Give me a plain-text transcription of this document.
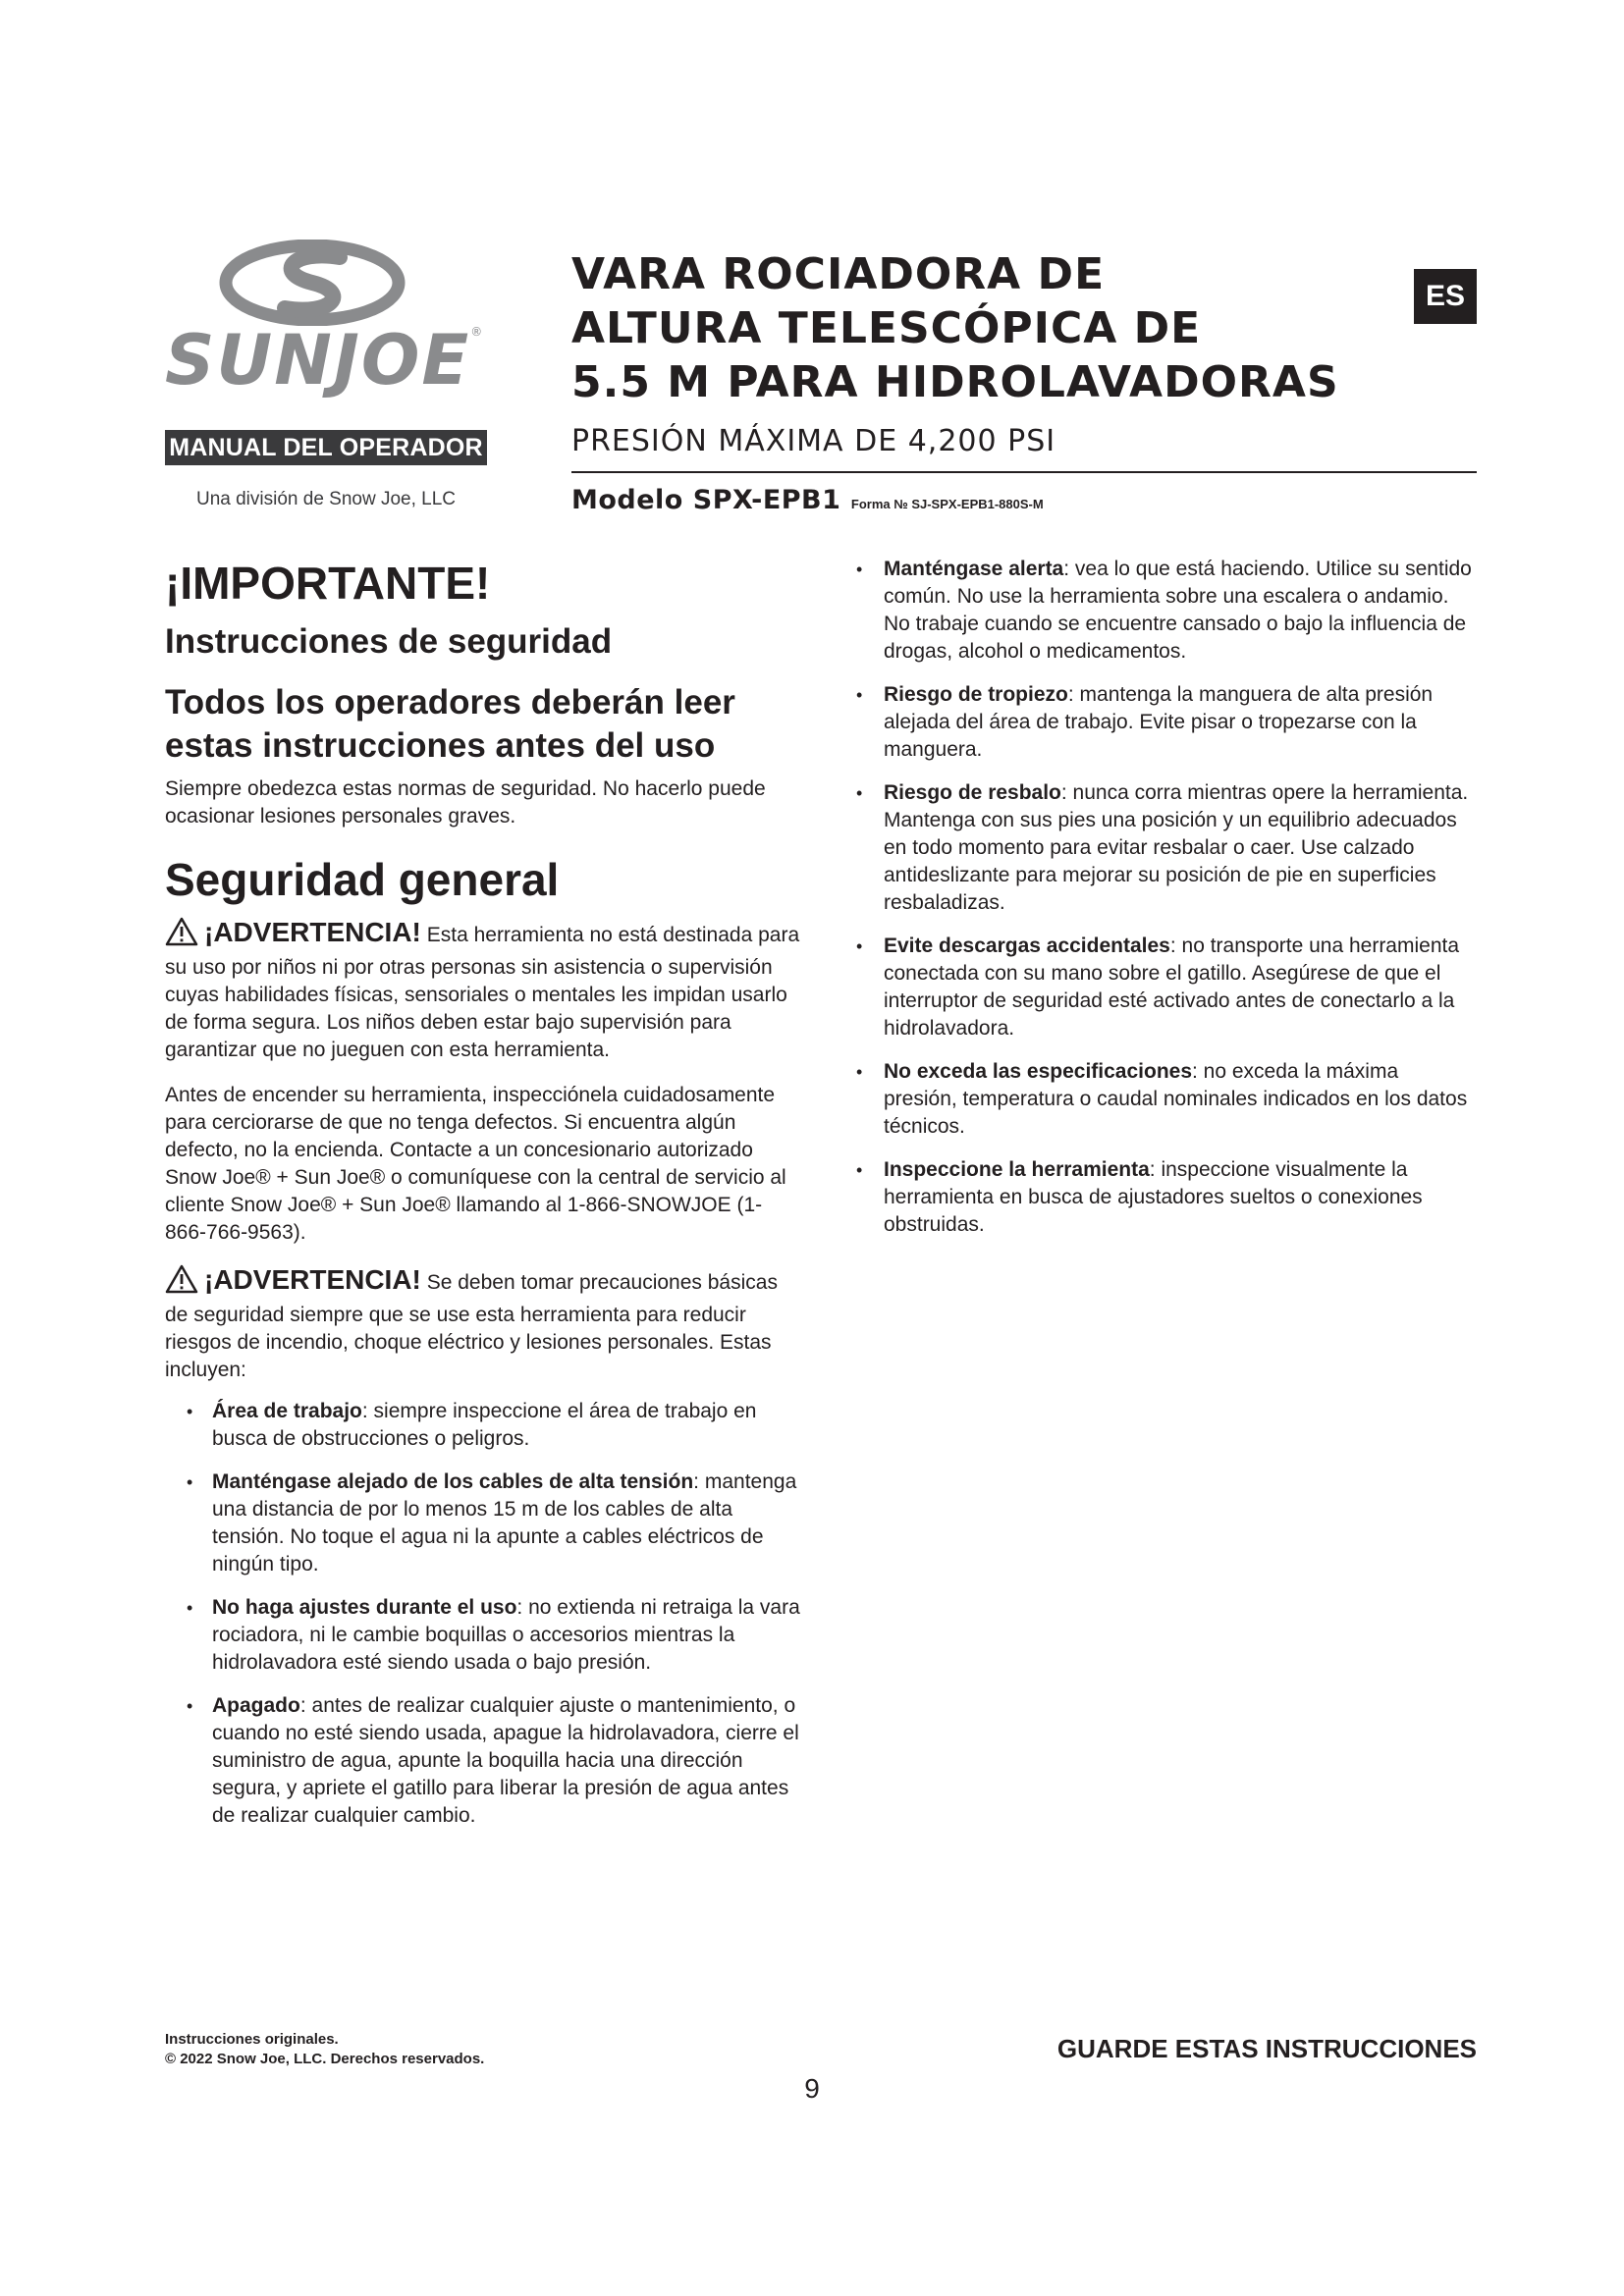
SUNJOE®
MANUAL DEL OPERADOR
Una división de Snow Joe, LLC
VARA ROCIADORA DE
ALTURA TELESCÓPICA DE
5.5 M PARA HIDROLAVADORAS
PRESIÓN MÁXIMA DE 4,200 PSI
Modelo SPX-EPB1 Forma № SJ-SPX-EPB1-880S-M
ES
¡IMPORTANTE!
Instrucciones de seguridad
Todos los operadores deberán leer estas instrucciones antes del uso

Siempre obedezca estas normas de seguridad. No hacerlo puede ocasionar lesiones personales graves.

Seguridad general

¡ADVERTENCIA! Esta herramienta no está destinada para su uso por niños ni por otras personas sin asistencia o supervisión cuyas habilidades físicas, sensoriales o mentales les impidan usarlo de forma segura. Los niños deben estar bajo supervisión para garantizar que no jueguen con esta herramienta.

Antes de encender su herramienta, inspecciónela cuidadosamente para cerciorarse de que no tenga defectos. Si encuentra algún defecto, no la encienda. Contacte a un concesionario autorizado Snow Joe® + Sun Joe® o comuníquese con la central de servicio al cliente Snow Joe® + Sun Joe® llamando al 1-866-SNOWJOE (1-866-766-9563).

¡ADVERTENCIA! Se deben tomar precauciones básicas de seguridad siempre que se use esta herramienta para reducir riesgos de incendio, choque eléctrico y lesiones personales. Estas incluyen:

• Área de trabajo: siempre inspeccione el área de trabajo en busca de obstrucciones o peligros.
• Manténgase alejado de los cables de alta tensión: mantenga una distancia de por lo menos 15 m de los cables de alta tensión. No toque el agua ni la apunte a cables eléctricos de ningún tipo.
• No haga ajustes durante el uso: no extienda ni retraiga la vara rociadora, ni le cambie boquillas o accesorios mientras la hidrolavadora esté siendo usada o bajo presión.
• Apagado: antes de realizar cualquier ajuste o mantenimiento, o cuando no esté siendo usada, apague la hidrolavadora, cierre el suministro de agua, apunte la boquilla hacia una dirección segura, y apriete el gatillo para liberar la presión de agua antes de realizar cualquier cambio.
• Manténgase alerta: vea lo que está haciendo. Utilice su sentido común. No use la herramienta sobre una escalera o andamio. No trabaje cuando se encuentre cansado o bajo la influencia de drogas, alcohol o medicamentos.
• Riesgo de tropiezo: mantenga la manguera de alta presión alejada del área de trabajo. Evite pisar o tropezarse con la manguera.
• Riesgo de resbalo: nunca corra mientras opere la herramienta. Mantenga con sus pies una posición y un equilibrio adecuados en todo momento para evitar resbalar o caer. Use calzado antideslizante para mejorar su posición de pie en superficies resbaladizas.
• Evite descargas accidentales: no transporte una herramienta conectada con su mano sobre el gatillo. Asegúrese de que el interruptor de seguridad esté activado antes de conectarlo a la hidrolavadora.
• No exceda las especificaciones: no exceda la máxima presión, temperatura o caudal nominales indicados en los datos técnicos.
• Inspeccione la herramienta: inspeccione visualmente la herramienta en busca de ajustadores sueltos o conexiones obstruidas.
Instrucciones originales.
© 2022 Snow Joe, LLC. Derechos reservados.	GUARDE ESTAS INSTRUCCIONES
9
